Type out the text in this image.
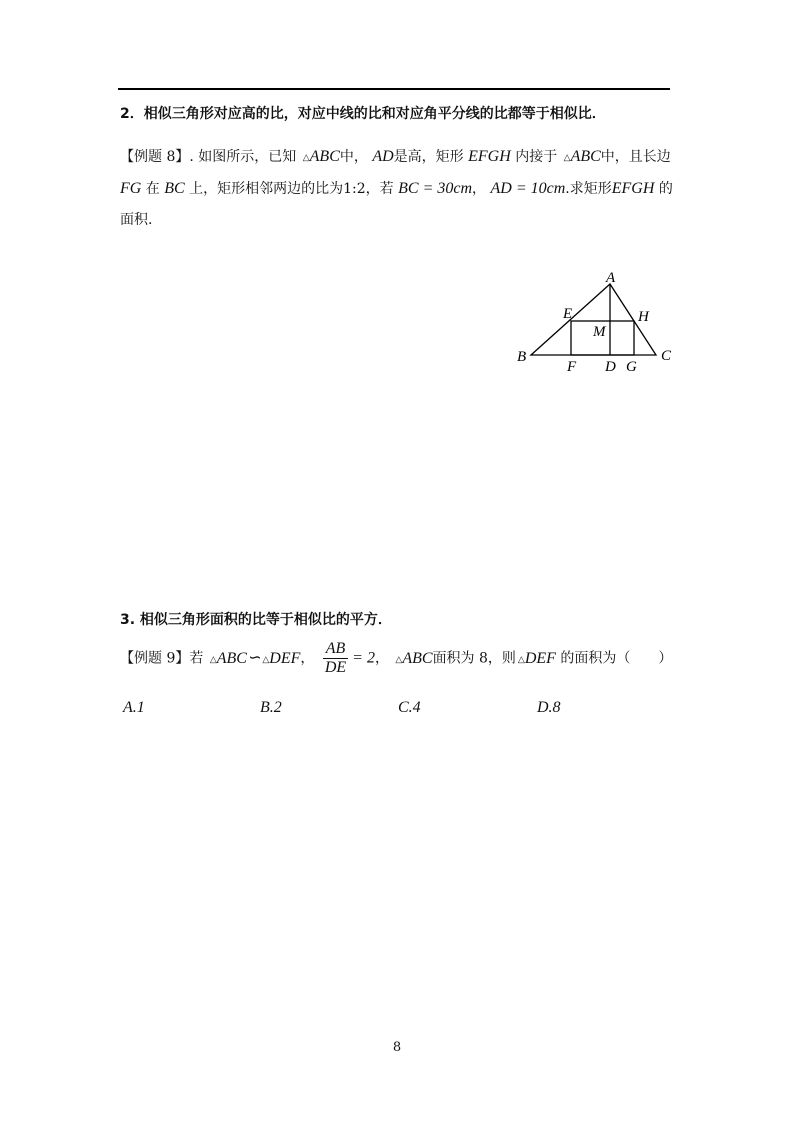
2．相似三角形对应高的比，对应中线的比和对应角平分线的比都等于相似比．
【例题 8】. 如图所示，已知 △ABC中， AD是高，矩形 EFGH 内接于 △ABC中，且长边
FG 在 BC 上，矩形相邻两边的比为1:2，若 BC = 30cm， AD = 10cm.求矩形EFGH 的
面积.
A
B	C
D
E
F	G
H
M
3. 相似三角形面积的比等于相似比的平方．
【例题 9】若 △ABC∽ △DEF， $\frac{AB}{DE} = 2$， △ABC面积为 8，则 △DEF 的面积为（ ）
A.1	B.2	C.4	D.8
8
